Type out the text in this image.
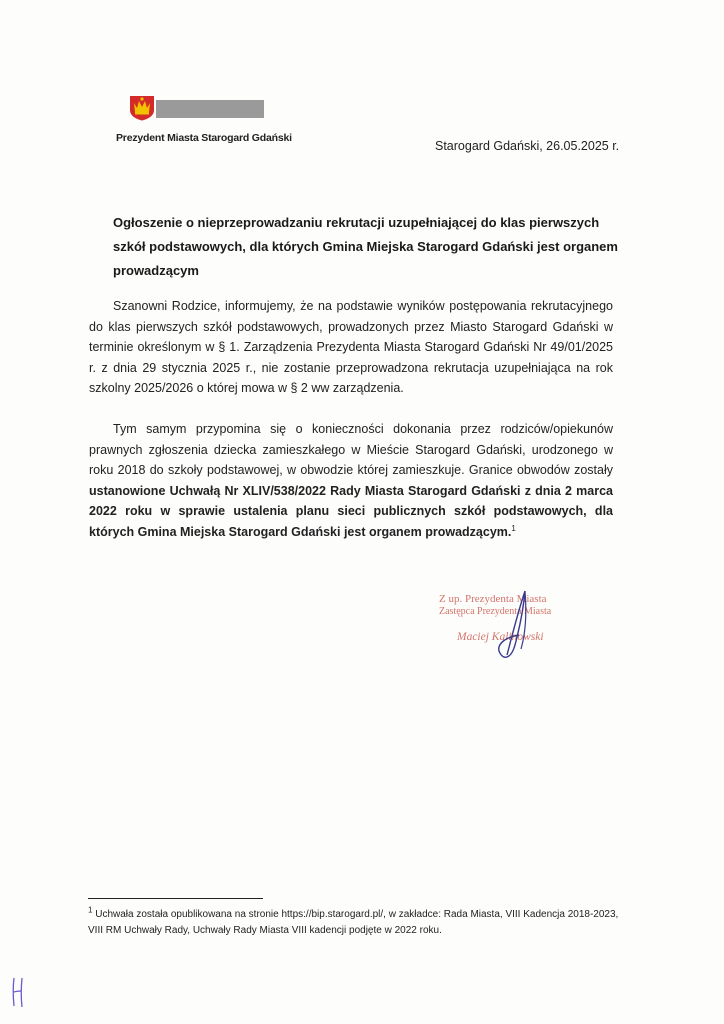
Prezydent Miasta Starogard Gdański
Starogard Gdański, 26.05.2025 r.
Ogłoszenie o nieprzeprowadzaniu rekrutacji uzupełniającej do klas pierwszych szkół podstawowych, dla których Gmina Miejska Starogard Gdański jest organem prowadzącym

Szanowni Rodzice, informujemy, że na podstawie wyników postępowania rekrutacyjnego do klas pierwszych szkół podstawowych, prowadzonych przez Miasto Starogard Gdański w terminie określonym w § 1. Zarządzenia Prezydenta Miasta Starogard Gdański Nr 49/01/2025 r. z dnia 29 stycznia 2025 r., nie zostanie przeprowadzona rekrutacja uzupełniająca na rok szkolny 2025/2026 o której mowa w § 2 ww zarządzenia.

Tym samym przypomina się o konieczności dokonania przez rodziców/opiekunów prawnych zgłoszenia dziecka zamieszkałego w Mieście Starogard Gdański, urodzonego w roku 2018 do szkoły podstawowej, w obwodzie której zamieszkuje. Granice obwodów zostały ustanowione Uchwałą Nr XLIV/538/2022 Rady Miasta Starogard Gdański z dnia 2 marca 2022 roku w sprawie ustalenia planu sieci publicznych szkół podstawowych, dla których Gmina Miejska Starogard Gdański jest organem prowadzącym.$^1$

Z up. Prezydenta Miasta
Zastępca Prezydenta Miasta
Maciej Kalinowski

$^1$ Uchwała została opublikowana na stronie https://bip.starogard.pl/, w zakładce: Rada Miasta, VIII Kadencja 2018-2023, VIII RM Uchwały Rady, Uchwały Rady Miasta VIII kadencji podjęte w 2022 roku.
